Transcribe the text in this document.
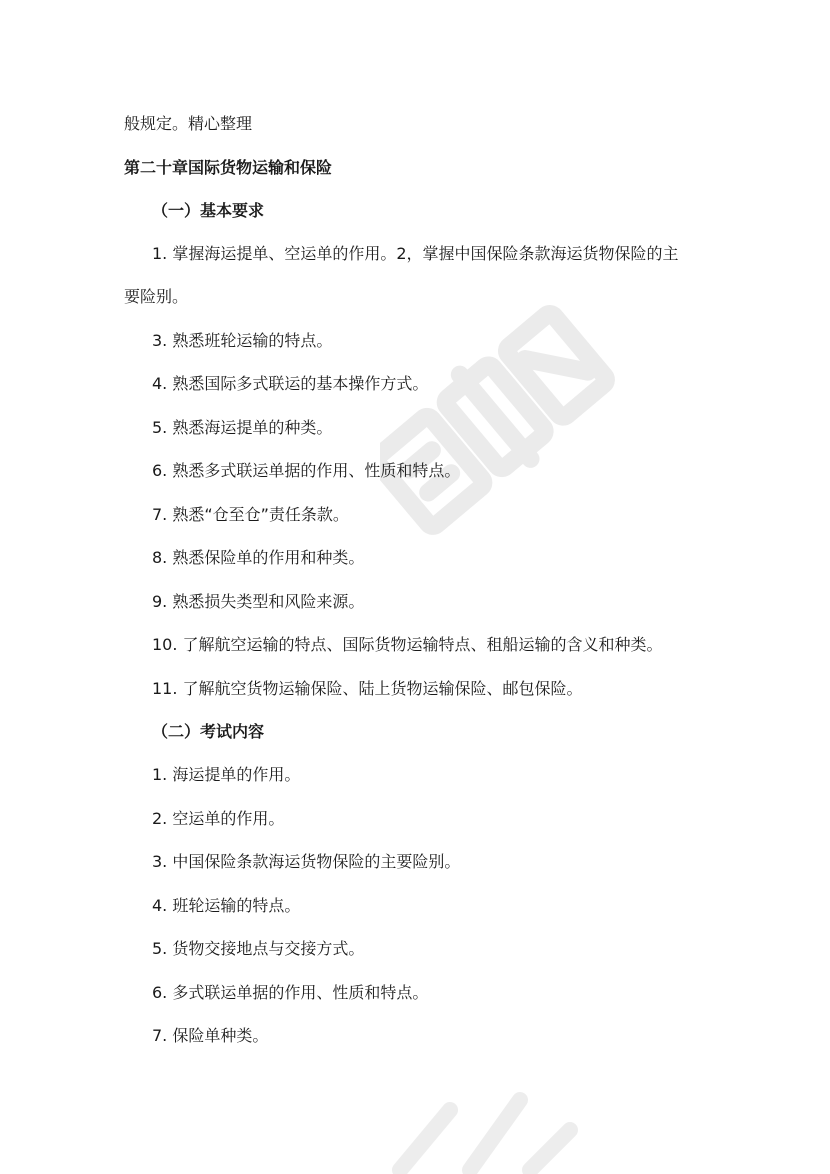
般规定。精心整理
第二十章国际货物运输和保险
（一）基本要求
1. 掌握海运提单、空运单的作用。2，掌握中国保险条款海运货物保险的主
要险别。
3. 熟悉班轮运输的特点。
4. 熟悉国际多式联运的基本操作方式。
5. 熟悉海运提单的种类。
6. 熟悉多式联运单据的作用、性质和特点。
7. 熟悉“仓至仓”责任条款。
8. 熟悉保险单的作用和种类。
9. 熟悉损失类型和风险来源。
10. 了解航空运输的特点、国际货物运输特点、租船运输的含义和种类。
11. 了解航空货物运输保险、陆上货物运输保险、邮包保险。
（二）考试内容
1. 海运提单的作用。
2. 空运单的作用。
3. 中国保险条款海运货物保险的主要险别。
4. 班轮运输的特点。
5. 货物交接地点与交接方式。
6. 多式联运单据的作用、性质和特点。
7. 保险单种类。
